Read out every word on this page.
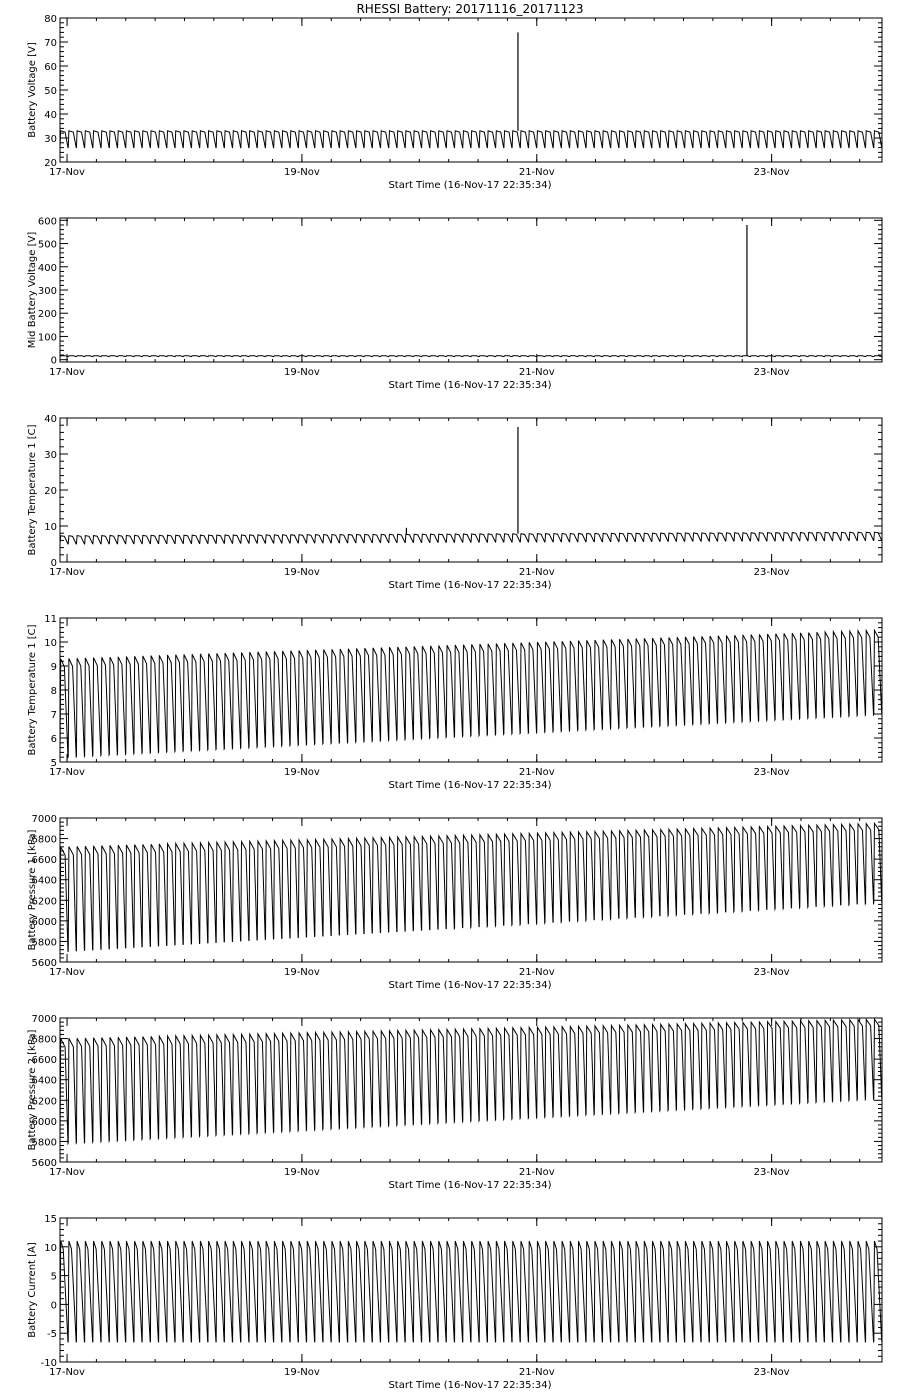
RHESSI Battery: 20171116_20171123
20
30
40
50
60
70
80
17-Nov	19-Nov	21-Nov	23-Nov
Start Time (16-Nov-17 22:35:34)
Battery Voltage [V]
0
100
200
300
400
500
600
17-Nov	19-Nov	21-Nov	23-Nov
Start Time (16-Nov-17 22:35:34)
Mid Battery Voltage [V]
0
10
20
30
40
17-Nov	19-Nov	21-Nov	23-Nov
Start Time (16-Nov-17 22:35:34)
Battery Temperature 1 [C]
5
6
7
8
9
10
11
17-Nov	19-Nov	21-Nov	23-Nov
Start Time (16-Nov-17 22:35:34)
Battery Temperature 1 [C]
5600
5800
6000
6200
6400
6600
6800
7000
17-Nov	19-Nov	21-Nov	23-Nov
Start Time (16-Nov-17 22:35:34)
Battery Pressure 1 [kPa]
5600
5800
6000
6200
6400
6600
6800
7000
17-Nov	19-Nov	21-Nov	23-Nov
Start Time (16-Nov-17 22:35:34)
Battery Pressure 2 [kPa]
-10
-5
0
5
10
15
17-Nov	19-Nov	21-Nov	23-Nov
Start Time (16-Nov-17 22:35:34)
Battery Current [A]
